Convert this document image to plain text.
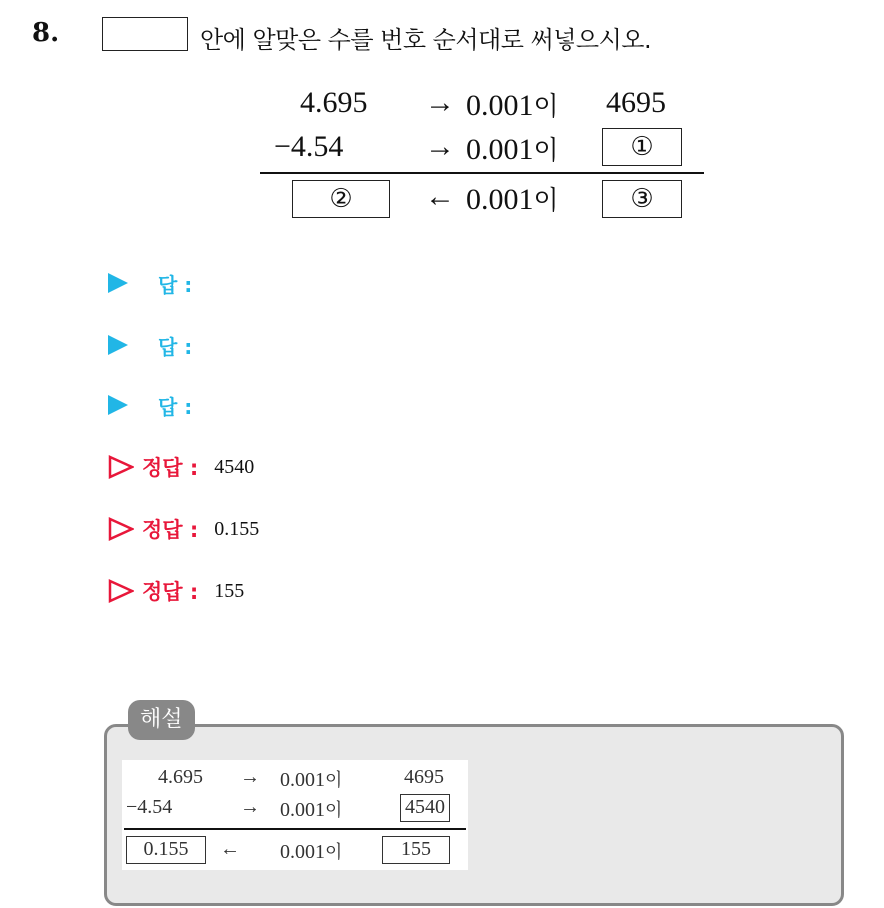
8.	안에 알맞은 수를 번호 순서대로 써넣으시오.
4.695 → 0.001이 4695
−4.54	→ 0.001이	①
②	← 0.001이	③
답 :
답 :
답 :
정답 : 4540
정답 : 0.155
정답 : 155
해설
4.695 → 0.001이	4695
−4.54	→ 0.001이	4540
0.155	← 0.001이	155
